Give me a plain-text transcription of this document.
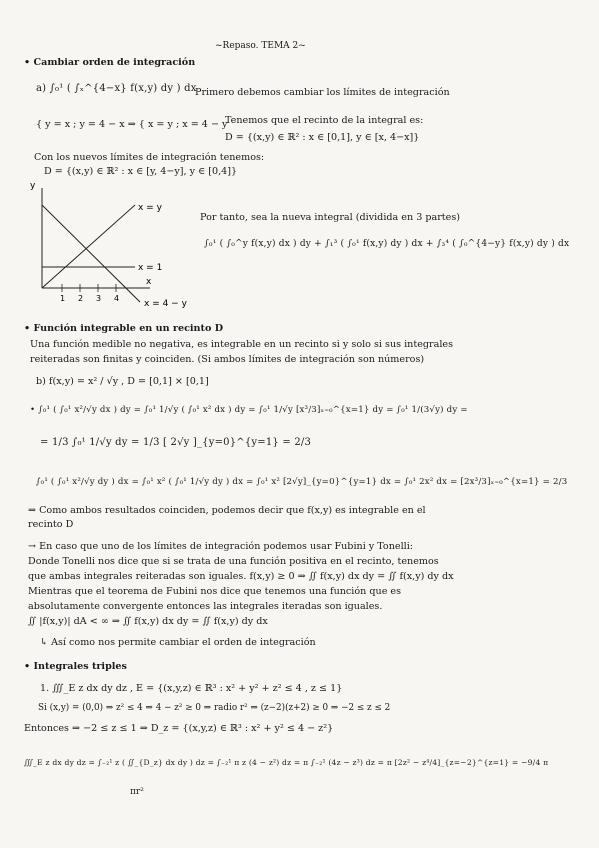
~Repaso. TEMA 2~
• Cambiar orden de integración
a) ∫₀¹ ( ∫ₓ^{4−x} f(x,y) dy ) dx
Primero debemos cambiar los límites de integración
{ y = x ; y = 4 − x ⇒ { x = y ; x = 4 − y
Tenemos que el recinto de la integral es:
D = {(x,y) ∈ ℝ² : x ∈ [0,1], y ∈ [x, 4−x]}
Con los nuevos límites de integración tenemos:
D = {(x,y) ∈ ℝ² : x ∈ [y, 4−y], y ∈ [0,4]}
y
x
x = y
x = 1
x = 4 − y
1 2 3 4
Por tanto, sea la nueva integral (dividida en 3 partes)
∫₀¹ ( ∫₀^y f(x,y) dx ) dy + ∫₁³ ( ∫₀¹ f(x,y) dy ) dx + ∫₃⁴ ( ∫₀^{4−y} f(x,y) dy ) dx
• Función integrable en un recinto D
Una función medible no negativa, es integrable en un recinto si y solo si sus integrales
reiteradas son finitas y coinciden. (Si ambos límites de integración son números)
b) f(x,y) = x² / √y , D = [0,1] × [0,1]
• ∫₀¹ ( ∫₀¹ x²/√y dx ) dy = ∫₀¹ 1/√y ( ∫₀¹ x² dx ) dy = ∫₀¹ 1/√y [x³/3]ₓ₌₀^{x=1} dy = ∫₀¹ 1/(3√y) dy =
= 1/3 ∫₀¹ 1/√y dy = 1/3 [ 2√y ]_{y=0}^{y=1} = 2/3
∫₀¹ ( ∫₀¹ x²/√y dy ) dx = ∫₀¹ x² ( ∫₀¹ 1/√y dy ) dx = ∫₀¹ x² [2√y]_{y=0}^{y=1} dx = ∫₀¹ 2x² dx = [2x³/3]ₓ₌₀^{x=1} = 2/3
⇒ Como ambos resultados coinciden, podemos decir que f(x,y) es integrable en el
recinto D
→ En caso que uno de los límites de integración podemos usar Fubini y Tonelli:
Donde Tonelli nos dice que si se trata de una función positiva en el recinto, tenemos
que ambas integrales reiteradas son iguales. f(x,y) ≥ 0 ⇒ ∬ f(x,y) dx dy = ∬ f(x,y) dy dx
Mientras que el teorema de Fubini nos dice que tenemos una función que es
absolutamente convergente entonces las integrales iteradas son iguales.
∬ |f(x,y)| dA < ∞ ⇒ ∬ f(x,y) dx dy = ∬ f(x,y) dy dx
↳ Así como nos permite cambiar el orden de integración
• Integrales triples
1. ∭_E z dx dy dz , E = {(x,y,z) ∈ ℝ³ : x² + y² + z² ≤ 4 , z ≤ 1}
Si (x,y) = (0,0) ⇒ z² ≤ 4 ⇒ 4 − z² ≥ 0 ⇒ radio r² ⇒ (z−2)(z+2) ≥ 0 ⇒ −2 ≤ z ≤ 2
Entonces ⇒ −2 ≤ z ≤ 1 ⇒ D_z = {(x,y,z) ∈ ℝ³ : x² + y² ≤ 4 − z²}
∭_E z dx dy dz = ∫₋₂¹ z ( ∬_{D_z} dx dy ) dz = ∫₋₂¹ π z (4 − z²) dz = π ∫₋₂¹ (4z − z³) dz = π [2z² − z⁴/4]_{z=−2}^{z=1} = −9/4 π
πr²
